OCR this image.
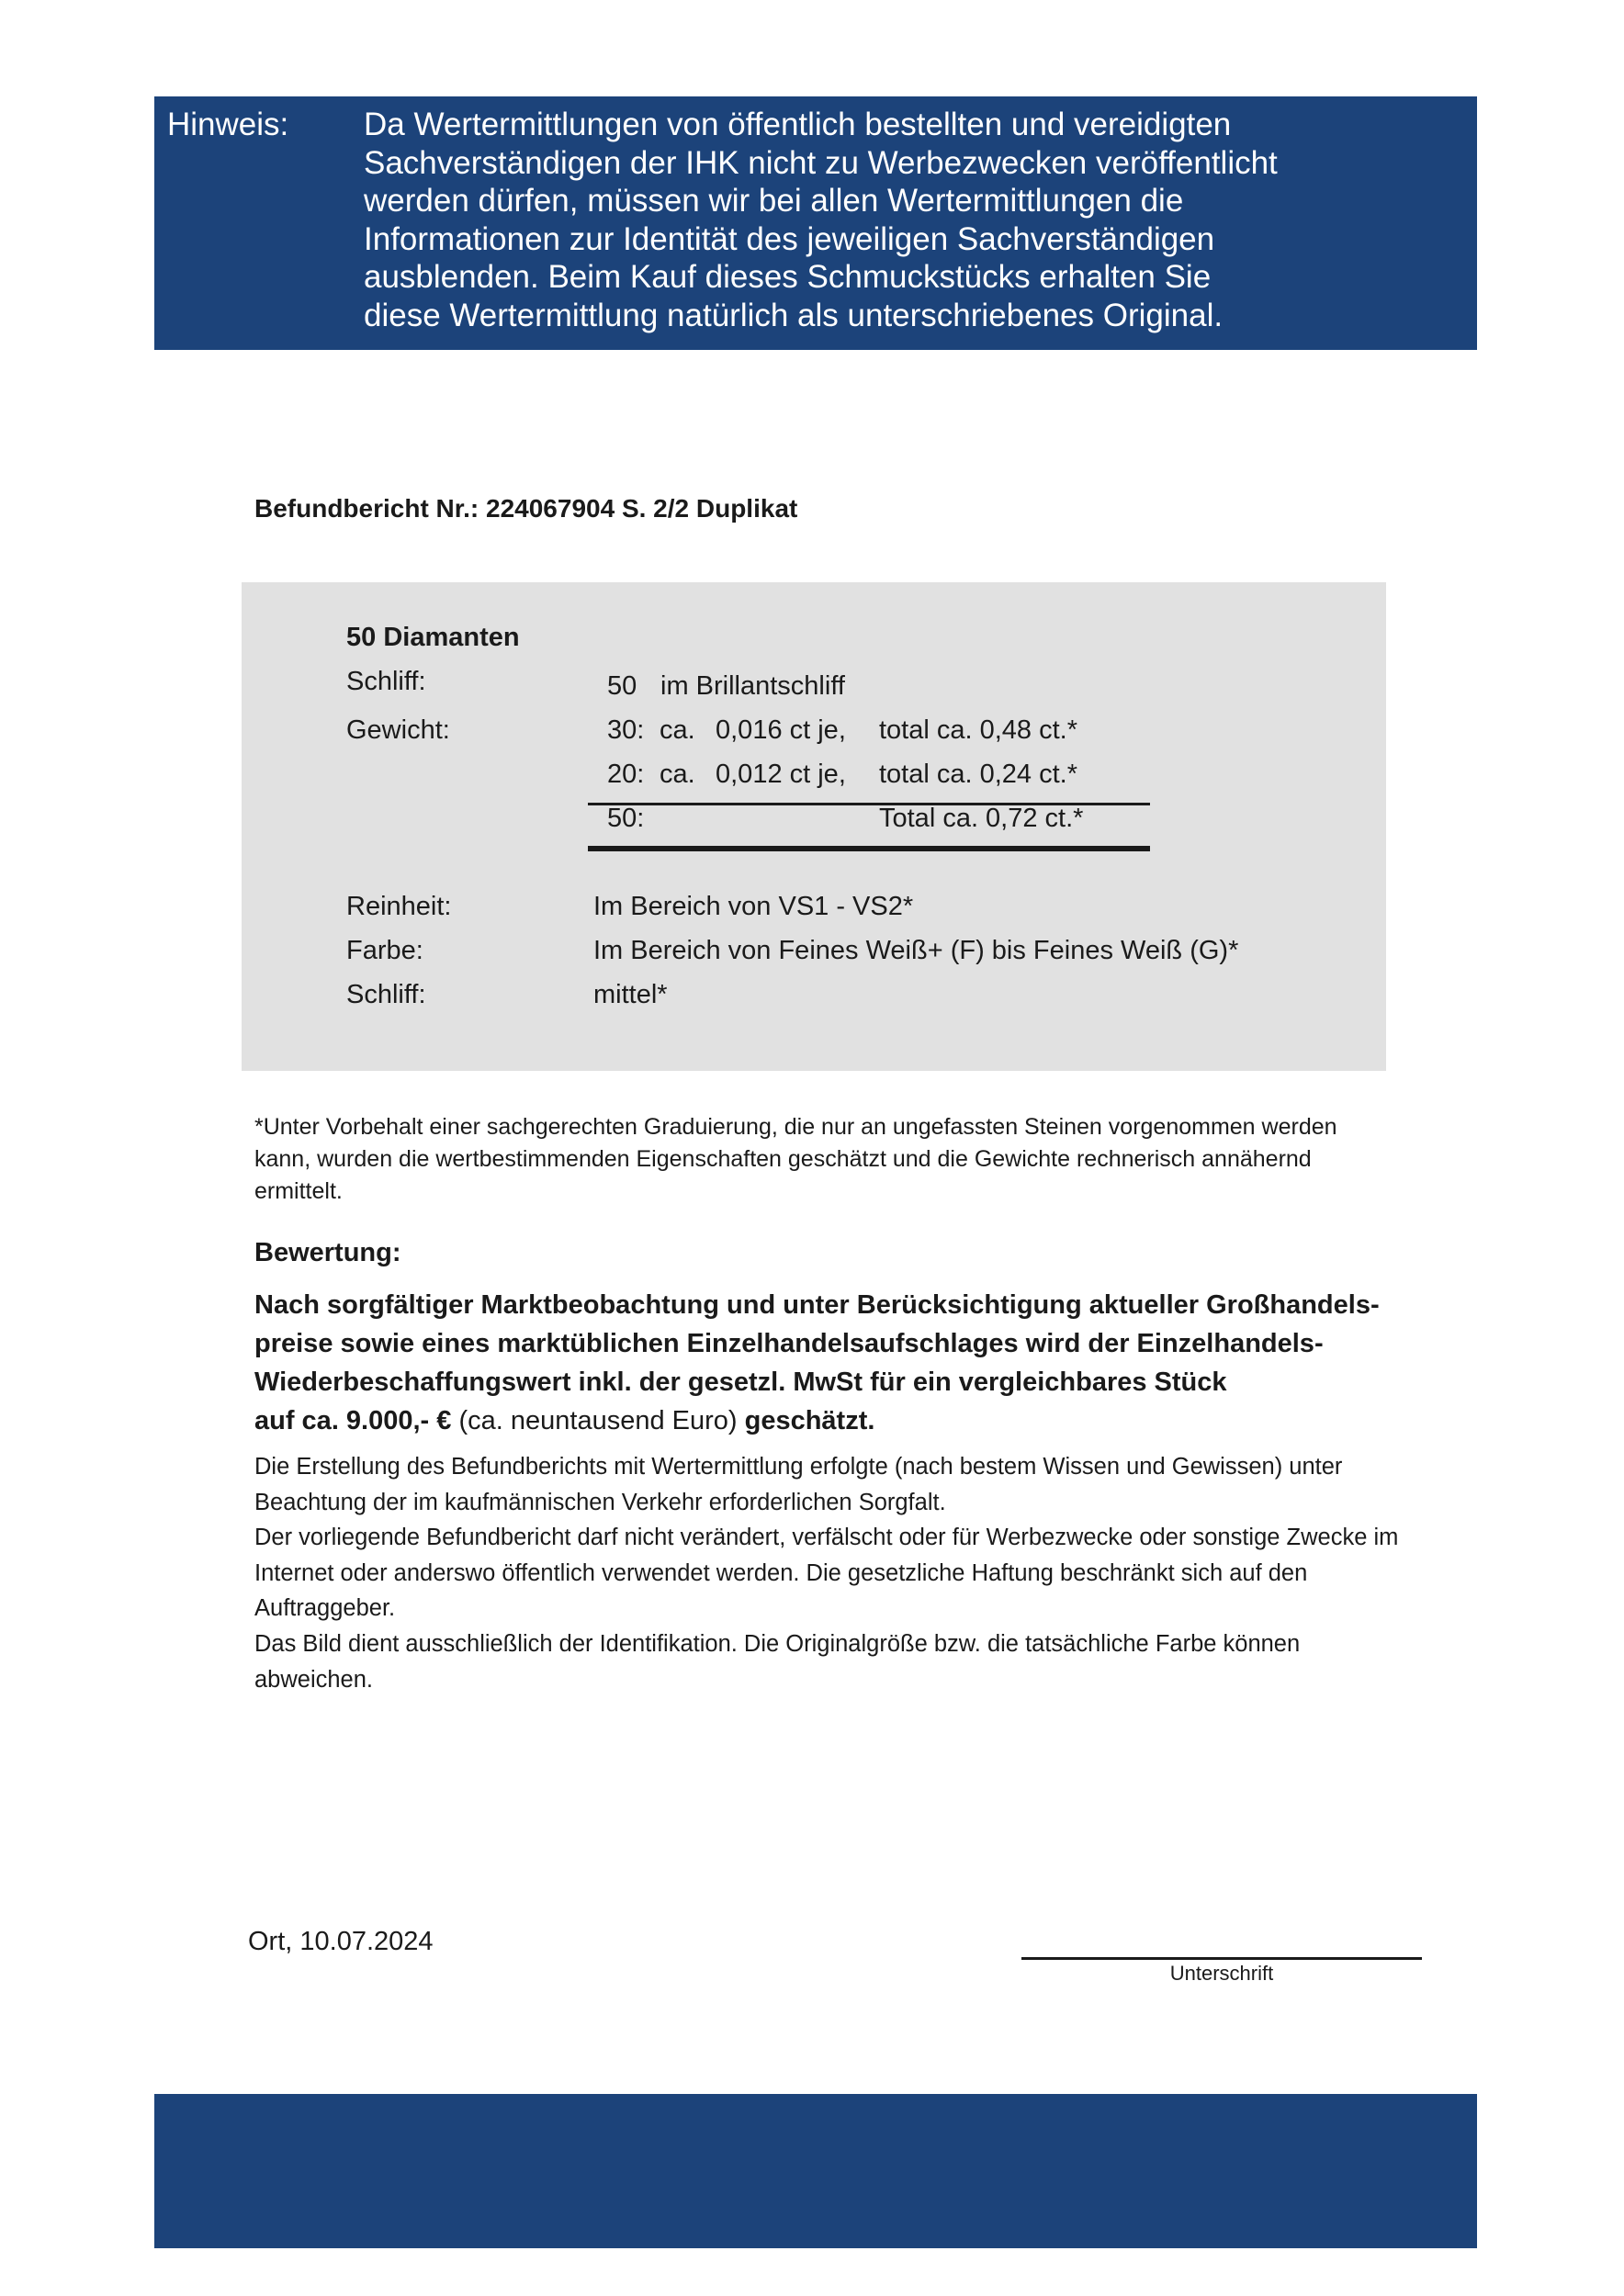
Hinweis: Da Wertermittlungen von öffentlich bestellten und vereidigten
Sachverständigen der IHK nicht zu Werbezwecken veröffentlicht
werden dürfen, müssen wir bei allen Wertermittlungen die
Informationen zur Identität des jeweiligen Sachverständigen
ausblenden. Beim Kauf dieses Schmuckstücks erhalten Sie
diese Wertermittlung natürlich als unterschriebenes Original.

Befundbericht Nr.: 224067904 S. 2/2 Duplikat
50 Diamanten
Schliff:	50 im Brillantschliff
Gewicht:	30: ca. 0,016 ct je, total ca. 0,48 ct.*
20: ca. 0,012 ct je, total ca. 0,24 ct.*
50:	Total ca. 0,72 ct.*
Reinheit:	Im Bereich von VS1 - VS2*
Farbe:	Im Bereich von Feines Weiß+ (F) bis Feines Weiß (G)*
Schliff:	mittel*
*Unter Vorbehalt einer sachgerechten Graduierung, die nur an ungefassten Steinen vorgenommen werden
kann, wurden die wertbestimmenden Eigenschaften geschätzt und die Gewichte rechnerisch annähernd
ermittelt.
Bewertung:
Nach sorgfältiger Marktbeobachtung und unter Berücksichtigung aktueller Großhandels-
preise sowie eines marktüblichen Einzelhandelsaufschlages wird der Einzelhandels-
Wiederbeschaffungswert inkl. der gesetzl. MwSt für ein vergleichbares Stück
auf ca. 9.000,- € (ca. neuntausend Euro) geschätzt.
Die Erstellung des Befundberichts mit Wertermittlung erfolgte (nach bestem Wissen und Gewissen) unter
Beachtung der im kaufmännischen Verkehr erforderlichen Sorgfalt.
Der vorliegende Befundbericht darf nicht verändert, verfälscht oder für Werbezwecke oder sonstige Zwecke im
Internet oder anderswo öffentlich verwendet werden. Die gesetzliche Haftung beschränkt sich auf den
Auftraggeber.
Das Bild dient ausschließlich der Identifikation. Die Originalgröße bzw. die tatsächliche Farbe können
abweichen.
Ort, 10.07.2024
Unterschrift
